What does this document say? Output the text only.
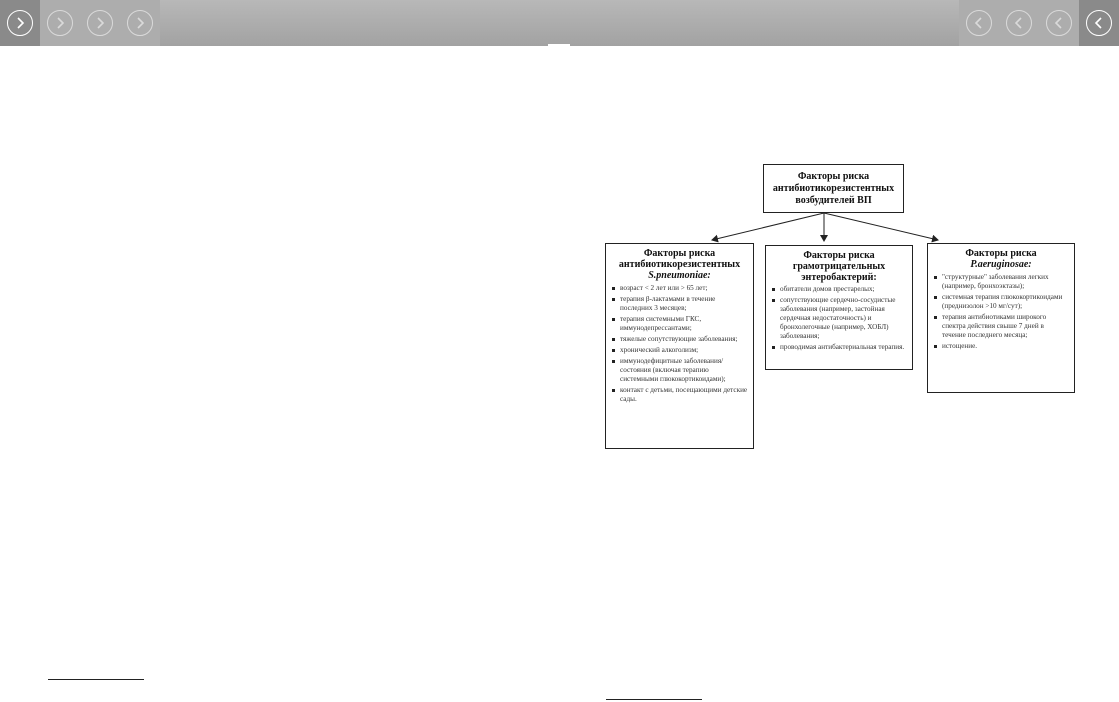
Факторы риска антибиотикорезистентных возбудителей ВП
Факторы риска антибиотикорезистентных
S.pneumoniae:
возраст < 2 лет или > 65 лет;
терапия β-лактамами в течение последних 3 месяцев;
терапия системными ГКС, иммунодепрессантами;
тяжелые сопутствующие заболевания;
хронический алкоголизм;
иммунодефицитные заболевания/состояния (включая терапию системными глюкокортикоидами);
контакт с детьми, посещающими детские сады.
Факторы риска грамотрицательных энтеробактерий:
обитатели домов престарелых;
сопутствующие сердечно-сосудистые заболевания (например, застойная сердечная недостаточность) и бронхолегочные (например, ХОБЛ) заболевания;
проводимая антибактериальная терапия.
Факторы риска
P.aeruginosae:
"структурные" заболевания легких (например, бронхоэктазы);
системная терапия глюкокортикоидами (преднизолон >10 мг/сут);
терапия антибиотиками широкого спектра действия свыше 7 дней в течение последнего месяца;
истощение.
